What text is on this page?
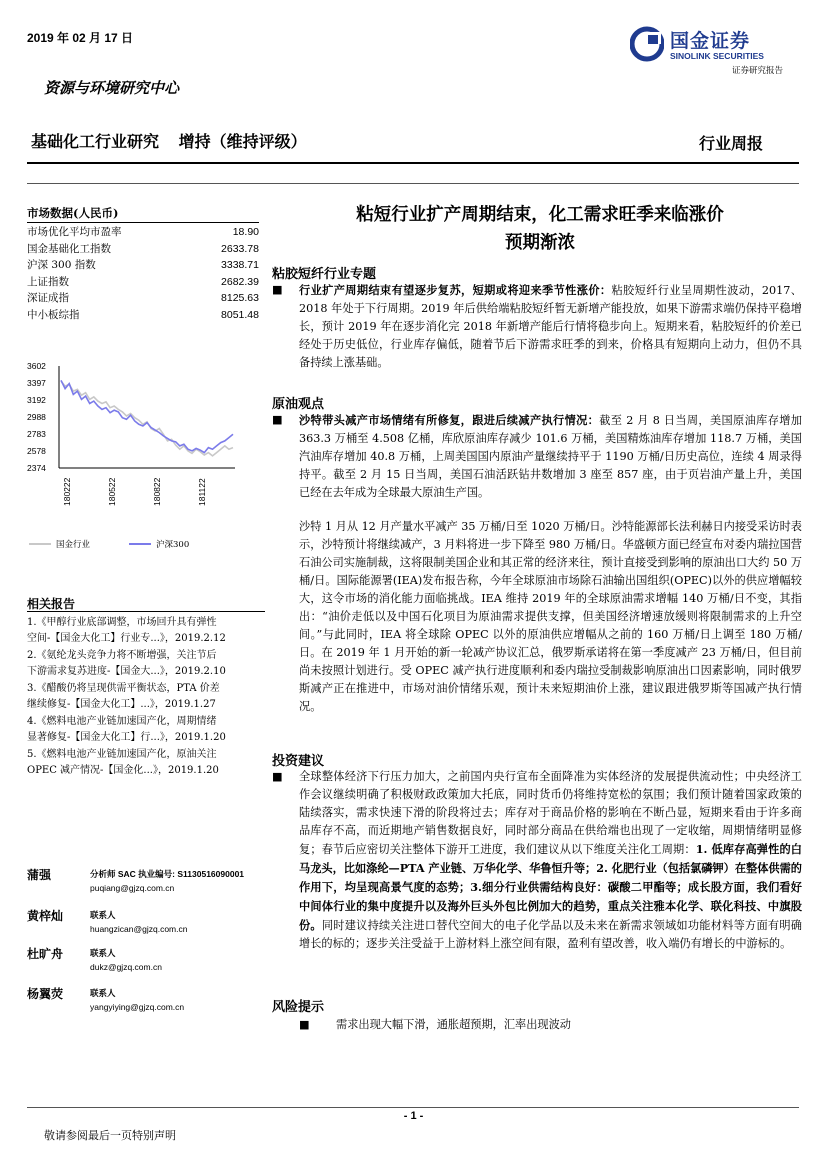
2019 年 02 月 17 日
资源与环境研究中心
国金证券
SINOLINK SECURITIES
证券研究报告
基础化工行业研究 增持（维持评级）	行业周报
市场数据(人民币)
市场优化平均市盈率	18.90
国金基础化工指数	2633.78
沪深 300 指数	3338.71
上证指数	2682.39
深证成指	8125.63
中小板综指	8051.48
3602
3397
3192
2988
2783
2578
2374
180222	180522	180822	181122
国金行业	沪深300
相关报告
1.《甲醇行业底部调整，市场回升具有弹性
空间-【国金大化工】行业专...》，2019.2.12
2.《氨纶龙头竞争力将不断增强，关注节后
下游需求复苏进度-【国金大...》，2019.2.10
3.《醋酸仍将呈现供需平衡状态，PTA 价差
继续修复-【国金大化工】...》，2019.1.27
4.《燃料电池产业链加速国产化，周期情绪
显著修复-【国金大化工】行...》，2019.1.20
5.《燃料电池产业链加速国产化，原油关注
OPEC 减产情况-【国金化...》，2019.1.20
蒲强	分析师 SAC 执业编号: S1130516090001
puqiang@gjzq.com.cn
黄梓灿	联系人
huangzican@gjzq.com.cn
杜旷舟	联系人
dukz@gjzq.com.cn
杨翼荧	联系人
yangyiying@gjzq.com.cn
粘短行业扩产周期结束，化工需求旺季来临涨价
预期渐浓
粘胶短纤行业专题
■	行业扩产周期结束有望逐步复苏，短期或将迎来季节性涨价：粘胶短纤行业呈周期性波动，2017、2018 年处于下行周期。2019 年后供给端粘胶短纤暂无新增产能投放，如果下游需求端仍保持平稳增长，预计 2019 年在逐步消化完 2018 年新增产能后行情将稳步向上。短期来看，粘胶短纤的价差已经处于历史低位，行业库存偏低，随着节后下游需求旺季的到来，价格具有短期向上动力，但仍不具备持续上涨基础。
原油观点
■	沙特带头减产市场情绪有所修复，跟进后续减产执行情况：截至 2 月 8 日当周，美国原油库存增加 363.3 万桶至 4.508 亿桶，库欣原油库存减少 101.6 万桶，美国精炼油库存增加 118.7 万桶，美国汽油库存增加 40.8 万桶，上周美国国内原油产量继续持平于 1190 万桶/日历史高位，连续 4 周录得持平。截至 2 月 15 日当周，美国石油活跃钻井数增加 3 座至 857 座，由于页岩油产量上升，美国已经在去年成为全球最大原油生产国。
沙特 1 月从 12 月产量水平减产 35 万桶/日至 1020 万桶/日。沙特能源部长法利赫日内接受采访时表示，沙特预计将继续减产，3 月料将进一步下降至 980 万桶/日。华盛顿方面已经宣布对委内瑞拉国营石油公司实施制裁，这将限制美国企业和其正常的经济来往，预计直接受到影响的原油出口大约 50 万桶/日。国际能源署(IEA)发布报告称，今年全球原油市场除石油输出国组织(OPEC)以外的供应增幅较大，这令市场的消化能力面临挑战。IEA 维持 2019 年的全球原油需求增幅 140 万桶/日不变，其指出：“油价走低以及中国石化项目为原油需求提供支撑，但美国经济增速放缓则将限制需求的上升空间。”与此同时，IEA 将全球除 OPEC 以外的原油供应增幅从之前的 160 万桶/日上调至 180 万桶/日。在 2019 年 1 月开始的新一轮减产协议汇总，俄罗斯承诺将在第一季度减产 23 万桶/日，但目前尚未按照计划进行。受 OPEC 减产执行进度顺利和委内瑞拉受制裁影响原油出口因素影响，同时俄罗斯减产正在推进中，市场对油价情绪乐观，预计未来短期油价上涨，建议跟进俄罗斯等国减产执行情况。
投资建议
■	全球整体经济下行压力加大，之前国内央行宣布全面降准为实体经济的发展提供流动性；中央经济工作会议继续明确了积极财政政策加大托底，同时货币仍将维持宽松的氛围；我们预计随着国家政策的陆续落实，需求快速下滑的阶段将过去；库存对于商品价格的影响在不断凸显，短期来看由于许多商品库存不高，而近期地产销售数据良好，同时部分商品在供给端也出现了一定收缩，周期情绪明显修复；春节后应密切关注整体下游开工进度，我们建议从以下维度关注化工周期：1. 低库存高弹性的白马龙头，比如涤纶—PTA 产业链、万华化学、华鲁恒升等；2. 化肥行业（包括氯磷钾）在整体供需的作用下，均呈现高景气度的态势；3.细分行业供需结构良好：碳酸二甲酯等；成长股方面，我们看好中间体行业的集中度提升以及海外巨头外包比例加大的趋势，重点关注雅本化学、联化科技、中旗股份。同时建议持续关注进口替代空间大的电子化学品以及未来在新需求领域如功能材料等方面有明确增长的标的；逐步关注受益于上游材料上涨空间有限，盈利有望改善，收入端仍有增长的中游标的。
风险提示
■	需求出现大幅下滑，通胀超预期，汇率出现波动
- 1 -
敬请参阅最后一页特别声明
